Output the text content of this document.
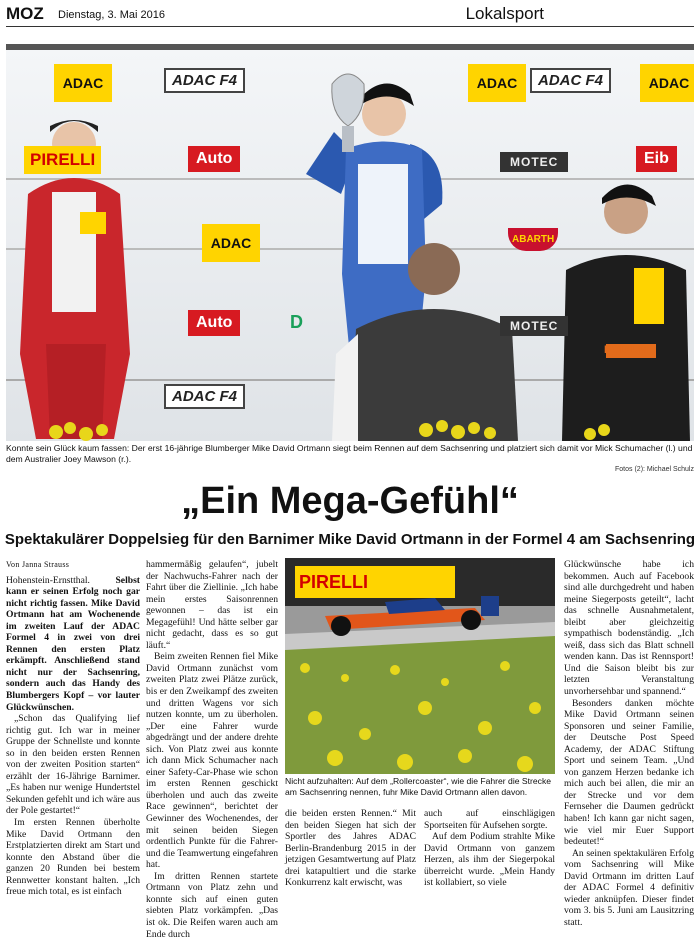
MOZ Dienstag, 3. Mai 2016	Lokalsport
ADAC	ADAC F4	ADAC	ADAC F4	ADAC
PIRELLI	Auto	MOTEC	Eib
ADAC	ABARTH
Auto	D	MOTEC
PODIUM
ADAC F4
Konnte sein Glück kaum fassen: Der erst 16-jährige Blumberger Mike David Ortmann siegt beim Rennen auf dem Sachsenring und platziert sich damit vor Mick Schumacher (l.) und dem Australier Joey Mawson (r.).
Fotos (2): Michael Schulz
„Ein Mega-Gefühl“
Spektakulärer Doppelsieg für den Barnimer Mike David Ortmann in der Formel 4 am Sachsenring
Von Janna Strauss

Hohenstein-Ernstthal.	Selbst kann er seinen Erfolg noch gar nicht richtig fassen. Mike David Ortmann hat am Wochenende im zweiten Lauf der ADAC Formel 4 in zwei von drei Rennen den ersten Platz erkämpft. Anschließend stand nicht nur der Sachsenring, sondern auch das Handy des Blumbergers Kopf – vor lauter Glückwünschen.

„Schon das Qualifying lief richtig gut. Ich war in meiner Gruppe der Schnellste und konnte so in den beiden ersten Rennen von der zweiten Position starten“ erzählt der 16-Jährige Barnimer. „Es haben nur wenige Hundertstel Sekunden gefehlt und ich wäre aus der Pole gestartet!“

Im ersten Rennen überholte Mike David Ortmann den Erstplatzierten direkt am Start und konnte den Abstand über die ganzen 20 Runden bei bestem Rennwetter konstant halten. „Ich freue mich total, es ist einfach

hammermäßig gelaufen“, jubelt der Nachwuchs-Fahrer nach der Fahrt über die Ziellinie. „Ich habe mein erstes Saisonrennen gewonnen – das ist ein Megagefühl! Und hätte selber gar nicht gedacht, dass es so gut läuft.“

Beim zweiten Rennen fiel Mike David Ortmann zunächst vom zweiten Platz zwei Plätze zurück, bis er den Zweikampf des zweiten und dritten Wagens vor sich nutzen konnte, um zu überholen. „Der eine Fahrer wurde abgedrängt und der andere drehte sich. Von Platz zwei aus konnte ich dann Mick Schumacher nach einer Safety-Car-Phase wie schon im ersten Rennen geschickt überholen und auch das zweite Race gewinnen“, berichtet der Gewinner des Wochenendes, der mit seinen beiden Siegen ordentlich Punkte für die Fahrer- und die Teamwertung eingefahren hat.

Im dritten Rennen startete Ortmann von Platz zehn und konnte sich auf einen guten siebten Platz vorkämpfen. „Das ist ok. Die Reifen waren auch am Ende durch

PIRELLI
Nicht aufzuhalten: Auf dem „Rollercoaster“, wie die Fahrer die Strecke am Sachsenring nennen, fuhr Mike David Ortmann allen davon.

die beiden ersten Rennen.“ Mit den beiden Siegen hat sich der Sportler des Jahres ADAC Berlin-Brandenburg 2015 in der jetzigen Gesamtwertung auf Platz drei katapultiert und die starke Konkurrenz kalt erwischt, was

auch auf einschlägigen Sportseiten für Aufsehen sorgte.

Auf dem Podium strahlte Mike David Ortmann von ganzem Herzen, als ihm der Siegerpokal überreicht wurde. „Mein Handy ist kollabiert, so viele

Glückwünsche habe ich bekommen. Auch auf Facebook sind alle durchgedreht und haben meine Siegerposts geteilt“, lacht das schnelle Ausnahmetalent, bleibt aber gleichzeitig sympathisch bodenständig. „Ich weiß, dass sich das Blatt schnell wenden kann. Das ist Rennsport! Und die Saison bleibt bis zur letzten Veranstaltung unvorhersehbar und spannend.“

Besonders danken möchte Mike David Ortmann seinen Sponsoren und seiner Familie, der Deutsche Post Speed Academy, der ADAC Stiftung Sport und seinem Team. „Und von ganzem Herzen bedanke ich mich auch bei allen, die mir an der Strecke und vor dem Fernseher die Daumen gedrückt haben! Ich kann gar nicht sagen, wie viel mir Euer Support bedeutet!“

An seinen spektakulären Erfolg vom Sachsenring will Mike David Ortmann im dritten Lauf der ADAC Formel 4 definitiv wieder anknüpfen. Dieser findet vom 3. bis 5. Juni am Lausitzring statt.
